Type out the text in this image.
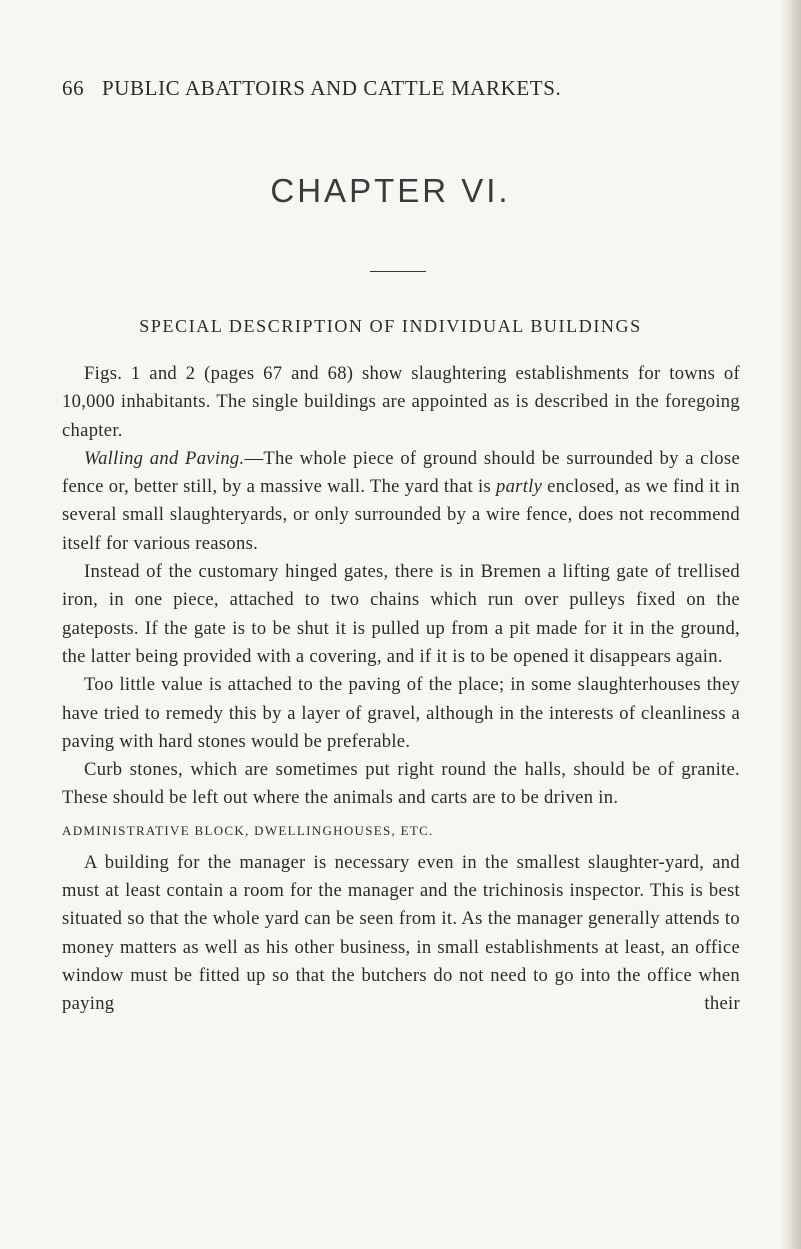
66 PUBLIC ABATTOIRS AND CATTLE MARKETS.
CHAPTER VI.
SPECIAL DESCRIPTION OF INDIVIDUAL BUILDINGS

Figs. 1 and 2 (pages 67 and 68) show slaughtering establishments for towns of 10,000 inhabitants. The single buildings are appointed as is described in the foregoing chapter.

Walling and Paving.—The whole piece of ground should be surrounded by a close fence or, better still, by a massive wall. The yard that is partly enclosed, as we find it in several small slaughteryards, or only surrounded by a wire fence, does not recommend itself for various reasons.

Instead of the customary hinged gates, there is in Bremen a lifting gate of trellised iron, in one piece, attached to two chains which run over pulleys fixed on the gateposts. If the gate is to be shut it is pulled up from a pit made for it in the ground, the latter being provided with a covering, and if it is to be opened it disappears again.

Too little value is attached to the paving of the place; in some slaughterhouses they have tried to remedy this by a layer of gravel, although in the interests of cleanliness a paving with hard stones would be preferable.

Curb stones, which are sometimes put right round the halls, should be of granite. These should be left out where the animals and carts are to be driven in.

ADMINISTRATIVE BLOCK, DWELLINGHOUSES, ETC.

A building for the manager is necessary even in the smallest slaughter-yard, and must at least contain a room for the manager and the trichinosis inspector. This is best situated so that the whole yard can be seen from it. As the manager generally attends to money matters as well as his other business, in small establishments at least, an office window must be fitted up so that the butchers do not need to go into the office when paying their
